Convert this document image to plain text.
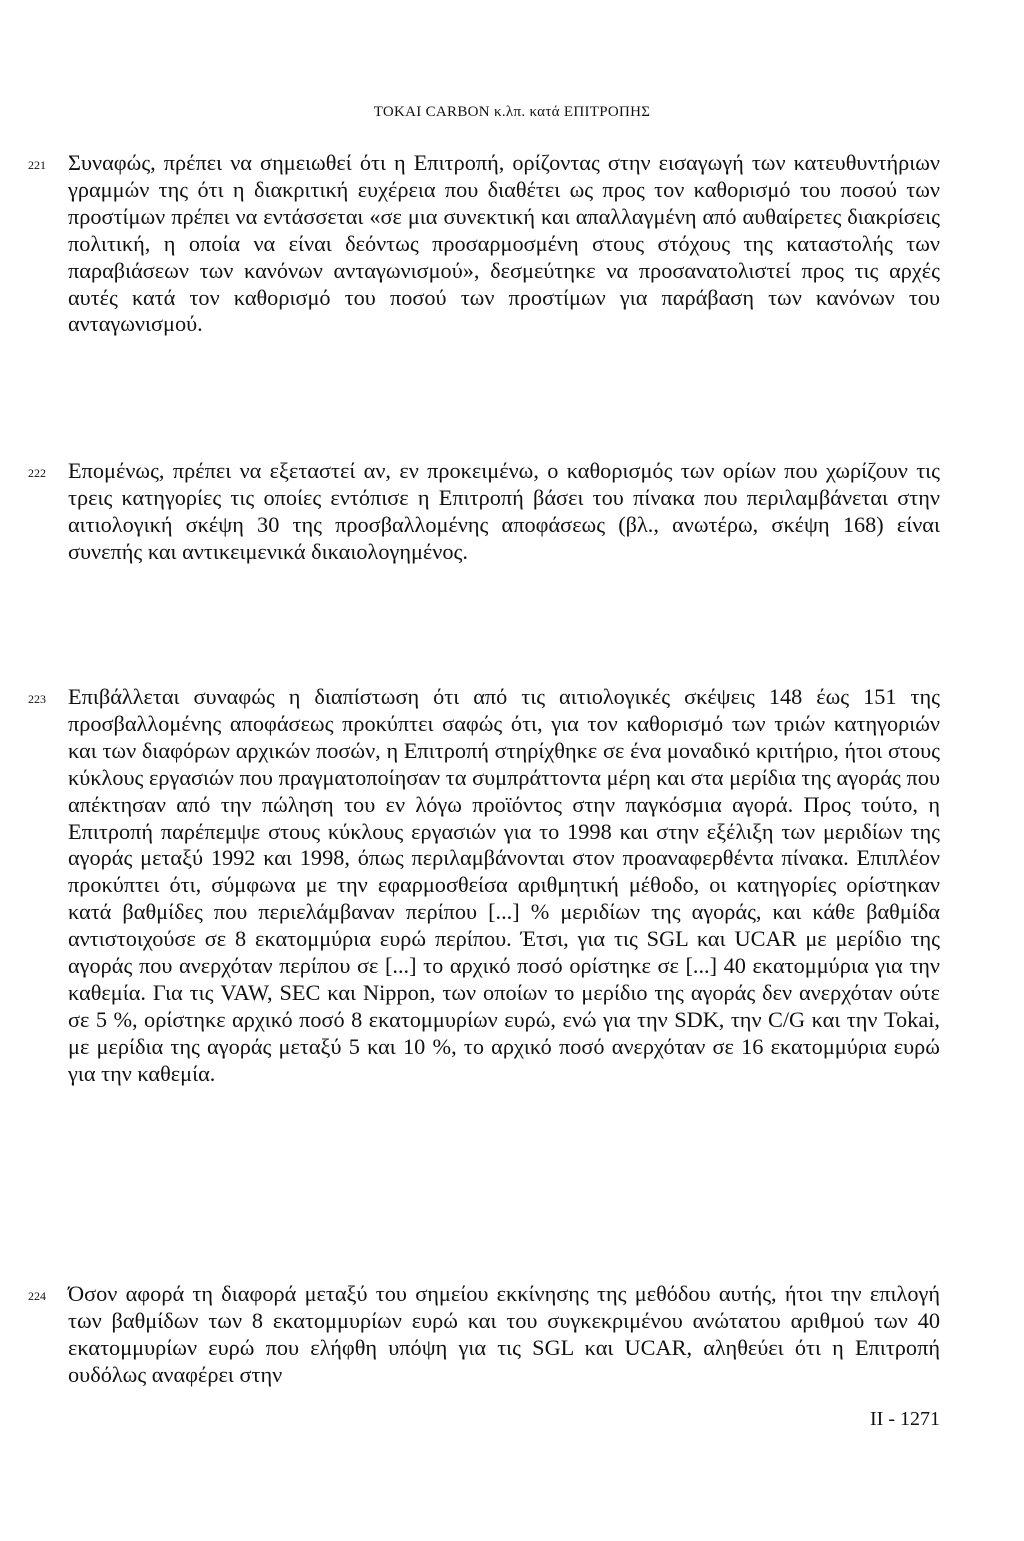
TOKAI CARBON κ.λπ. κατά ΕΠΙΤΡΟΠΗΣ
221 Συναφώς, πρέπει να σημειωθεί ότι η Επιτροπή, ορίζοντας στην εισαγωγή των κατευθυντήριων γραμμών της ότι η διακριτική ευχέρεια που διαθέτει ως προς τον καθορισμό του ποσού των προστίμων πρέπει να εντάσσεται «σε μια συνεκτική και απαλλαγμένη από αυθαίρετες διακρίσεις πολιτική, η οποία να είναι δεόντως προσαρμοσμένη στους στόχους της καταστολής των παραβιάσεων των κανόνων ανταγωνισμού», δεσμεύτηκε να προσανατολιστεί προς τις αρχές αυτές κατά τον καθορισμό του ποσού των προστίμων για παράβαση των κανόνων του ανταγωνισμού.
222 Επομένως, πρέπει να εξεταστεί αν, εν προκειμένω, ο καθορισμός των ορίων που χωρίζουν τις τρεις κατηγορίες τις οποίες εντόπισε η Επιτροπή βάσει του πίνακα που περιλαμβάνεται στην αιτιολογική σκέψη 30 της προσβαλλομένης αποφάσεως (βλ., ανωτέρω, σκέψη 168) είναι συνεπής και αντικειμενικά δικαιολογημένος.
223 Επιβάλλεται συναφώς η διαπίστωση ότι από τις αιτιολογικές σκέψεις 148 έως 151 της προσβαλλομένης αποφάσεως προκύπτει σαφώς ότι, για τον καθορισμό των τριών κατηγοριών και των διαφόρων αρχικών ποσών, η Επιτροπή στηρίχθηκε σε ένα μοναδικό κριτήριο, ήτοι στους κύκλους εργασιών που πραγματοποίησαν τα συμπράττοντα μέρη και στα μερίδια της αγοράς που απέκτησαν από την πώληση του εν λόγω προϊόντος στην παγκόσμια αγορά. Προς τούτο, η Επιτροπή παρέπεμψε στους κύκλους εργασιών για το 1998 και στην εξέλιξη των μεριδίων της αγοράς μεταξύ 1992 και 1998, όπως περιλαμβάνονται στον προαναφερθέντα πίνακα. Επιπλέον προκύπτει ότι, σύμφωνα με την εφαρμοσθείσα αριθμητική μέθοδο, οι κατηγορίες ορίστηκαν κατά βαθμίδες που περιελάμβαναν περίπου [...] % μεριδίων της αγοράς, και κάθε βαθμίδα αντιστοιχούσε σε 8 εκατομμύρια ευρώ περίπου. Έτσι, για τις SGL και UCAR με μερίδιο της αγοράς που ανερχόταν περίπου σε [...] το αρχικό ποσό ορίστηκε σε [...] 40 εκατομμύρια για την καθεμία. Για τις VAW, SEC και Nippon, των οποίων το μερίδιο της αγοράς δεν ανερχόταν ούτε σε 5 %, ορίστηκε αρχικό ποσό 8 εκατομμυρίων ευρώ, ενώ για την SDK, την C/G και την Tokai, με μερίδια της αγοράς μεταξύ 5 και 10 %, το αρχικό ποσό ανερχόταν σε 16 εκατομμύρια ευρώ για την καθεμία.
224 Όσον αφορά τη διαφορά μεταξύ του σημείου εκκίνησης της μεθόδου αυτής, ήτοι την επιλογή των βαθμίδων των 8 εκατομμυρίων ευρώ και του συγκεκριμένου ανώτατου αριθμού των 40 εκατομμυρίων ευρώ που ελήφθη υπόψη για τις SGL και UCAR, αληθεύει ότι η Επιτροπή ουδόλως αναφέρει στην
II - 1271
